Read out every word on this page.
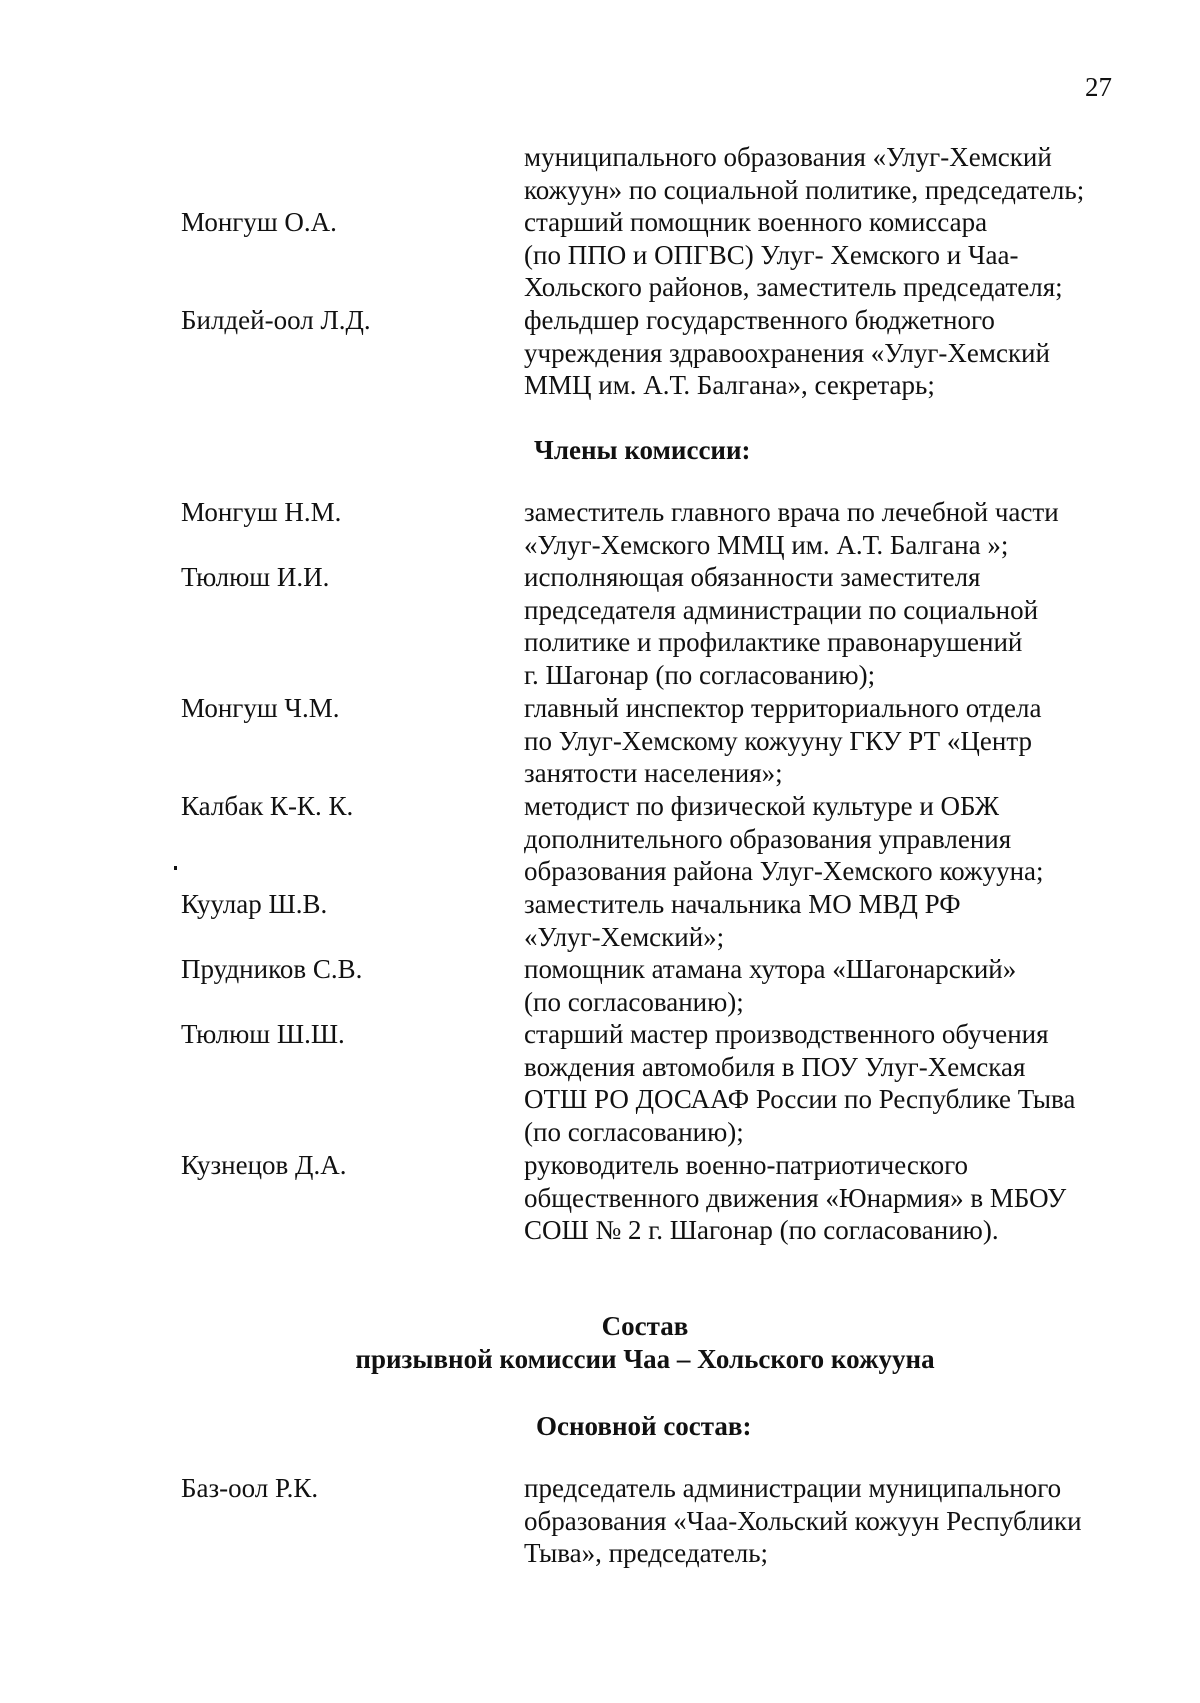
27
муниципального образования «Улуг-Хемский
кожуун» по социальной политике, председатель;
Монгуш О.А.	старший помощник военного комиссара
(по ППО и ОПГВС) Улуг- Хемского и Чаа-
Хольского районов, заместитель председателя;
Билдей-оол Л.Д.	фельдшер государственного бюджетного
учреждения здравоохранения «Улуг-Хемский
ММЦ им. А.Т. Балгана», секретарь;
Члены комиссии:
Монгуш Н.М.	заместитель главного врача по лечебной части
«Улуг-Хемского ММЦ им. А.Т. Балгана »;
Тюлюш И.И.	исполняющая обязанности заместителя
председателя администрации по социальной
политике и профилактике правонарушений
г. Шагонар (по согласованию);
Монгуш Ч.М.	главный инспектор территориального отдела
по Улуг-Хемскому кожууну ГКУ РТ «Центр
занятости населения»;
Калбак К-К. К.	методист по физической культуре и ОБЖ
дополнительного образования управления
образования района Улуг-Хемского кожууна;
Куулар Ш.В.	заместитель начальника МО МВД РФ
«Улуг-Хемский»;
Прудников С.В.	помощник атамана хутора «Шагонарский»
(по согласованию);
Тюлюш Ш.Ш.	старший мастер производственного обучения
вождения автомобиля в ПОУ Улуг-Хемская
ОТШ РО ДОСААФ России по Республике Тыва
(по согласованию);
Кузнецов Д.А.	руководитель военно-патриотического
общественного движения «Юнармия» в МБОУ
СОШ № 2 г. Шагонар (по согласованию).
Состав
призывной комиссии Чаа – Хольского кожууна
Основной состав:
Баз-оол Р.К.	председатель администрации муниципального
образования «Чаа-Хольский кожуун Республики
Тыва», председатель;
